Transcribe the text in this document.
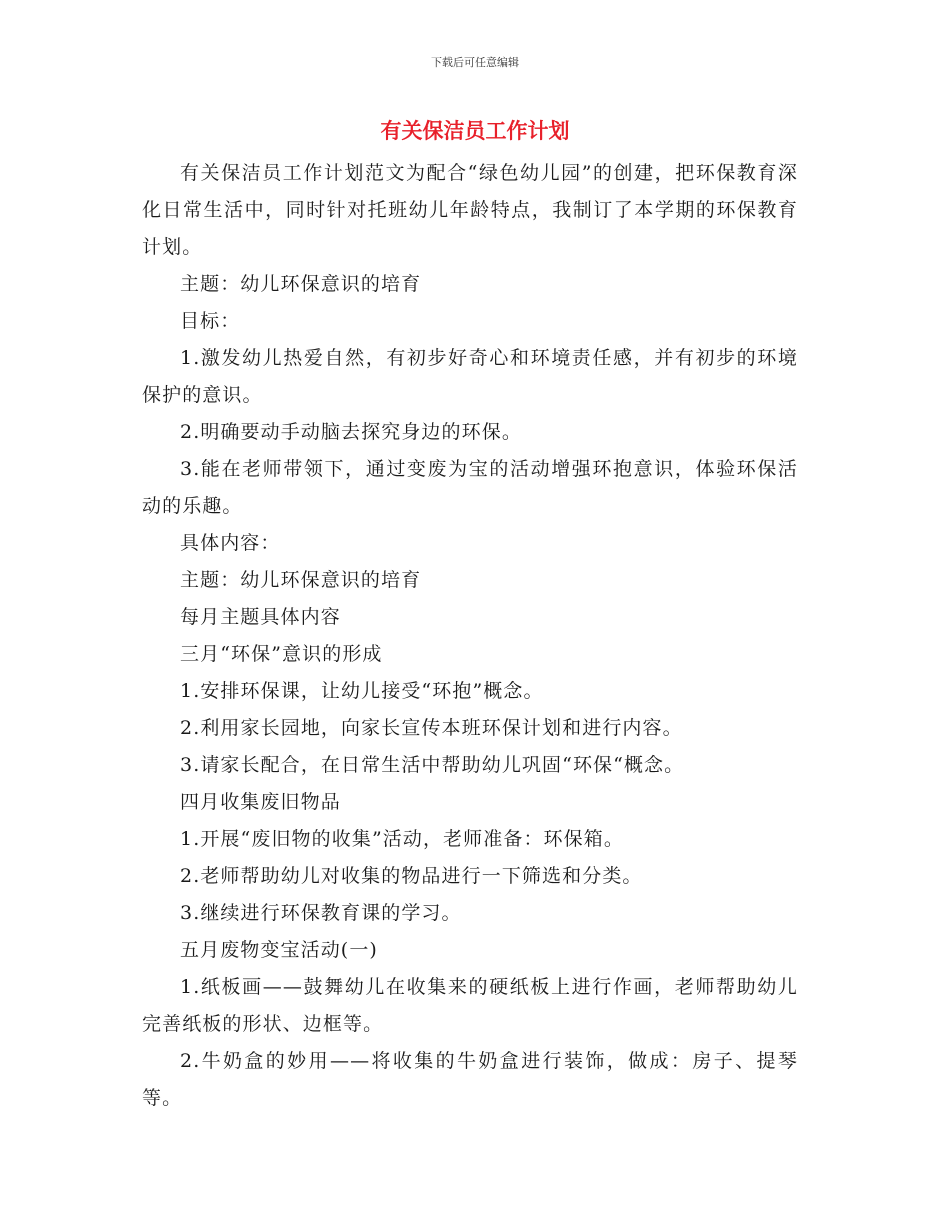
下载后可任意编辑
有关保洁员工作计划

有关保洁员工作计划范文为配合“绿色幼儿园”的创建，把环保教育深化日常生活中，同时针对托班幼儿年龄特点，我制订了本学期的环保教育计划。

主题：幼儿环保意识的培育

目标：

1.激发幼儿热爱自然，有初步好奇心和环境责任感，并有初步的环境保护的意识。

2.明确要动手动脑去探究身边的环保。

3.能在老师带领下，通过变废为宝的活动增强环抱意识，体验环保活动的乐趣。

具体内容：

主题：幼儿环保意识的培育

每月主题具体内容

三月“环保”意识的形成

1.安排环保课，让幼儿接受“环抱”概念。

2.利用家长园地，向家长宣传本班环保计划和进行内容。

3.请家长配合，在日常生活中帮助幼儿巩固“环保“概念。

四月收集废旧物品

1.开展“废旧物的收集”活动，老师准备：环保箱。

2.老师帮助幼儿对收集的物品进行一下筛选和分类。

3.继续进行环保教育课的学习。

五月废物变宝活动(一)

1.纸板画——鼓舞幼儿在收集来的硬纸板上进行作画，老师帮助幼儿完善纸板的形状、边框等。

2.牛奶盒的妙用——将收集的牛奶盒进行装饰，做成：房子、提琴等。
